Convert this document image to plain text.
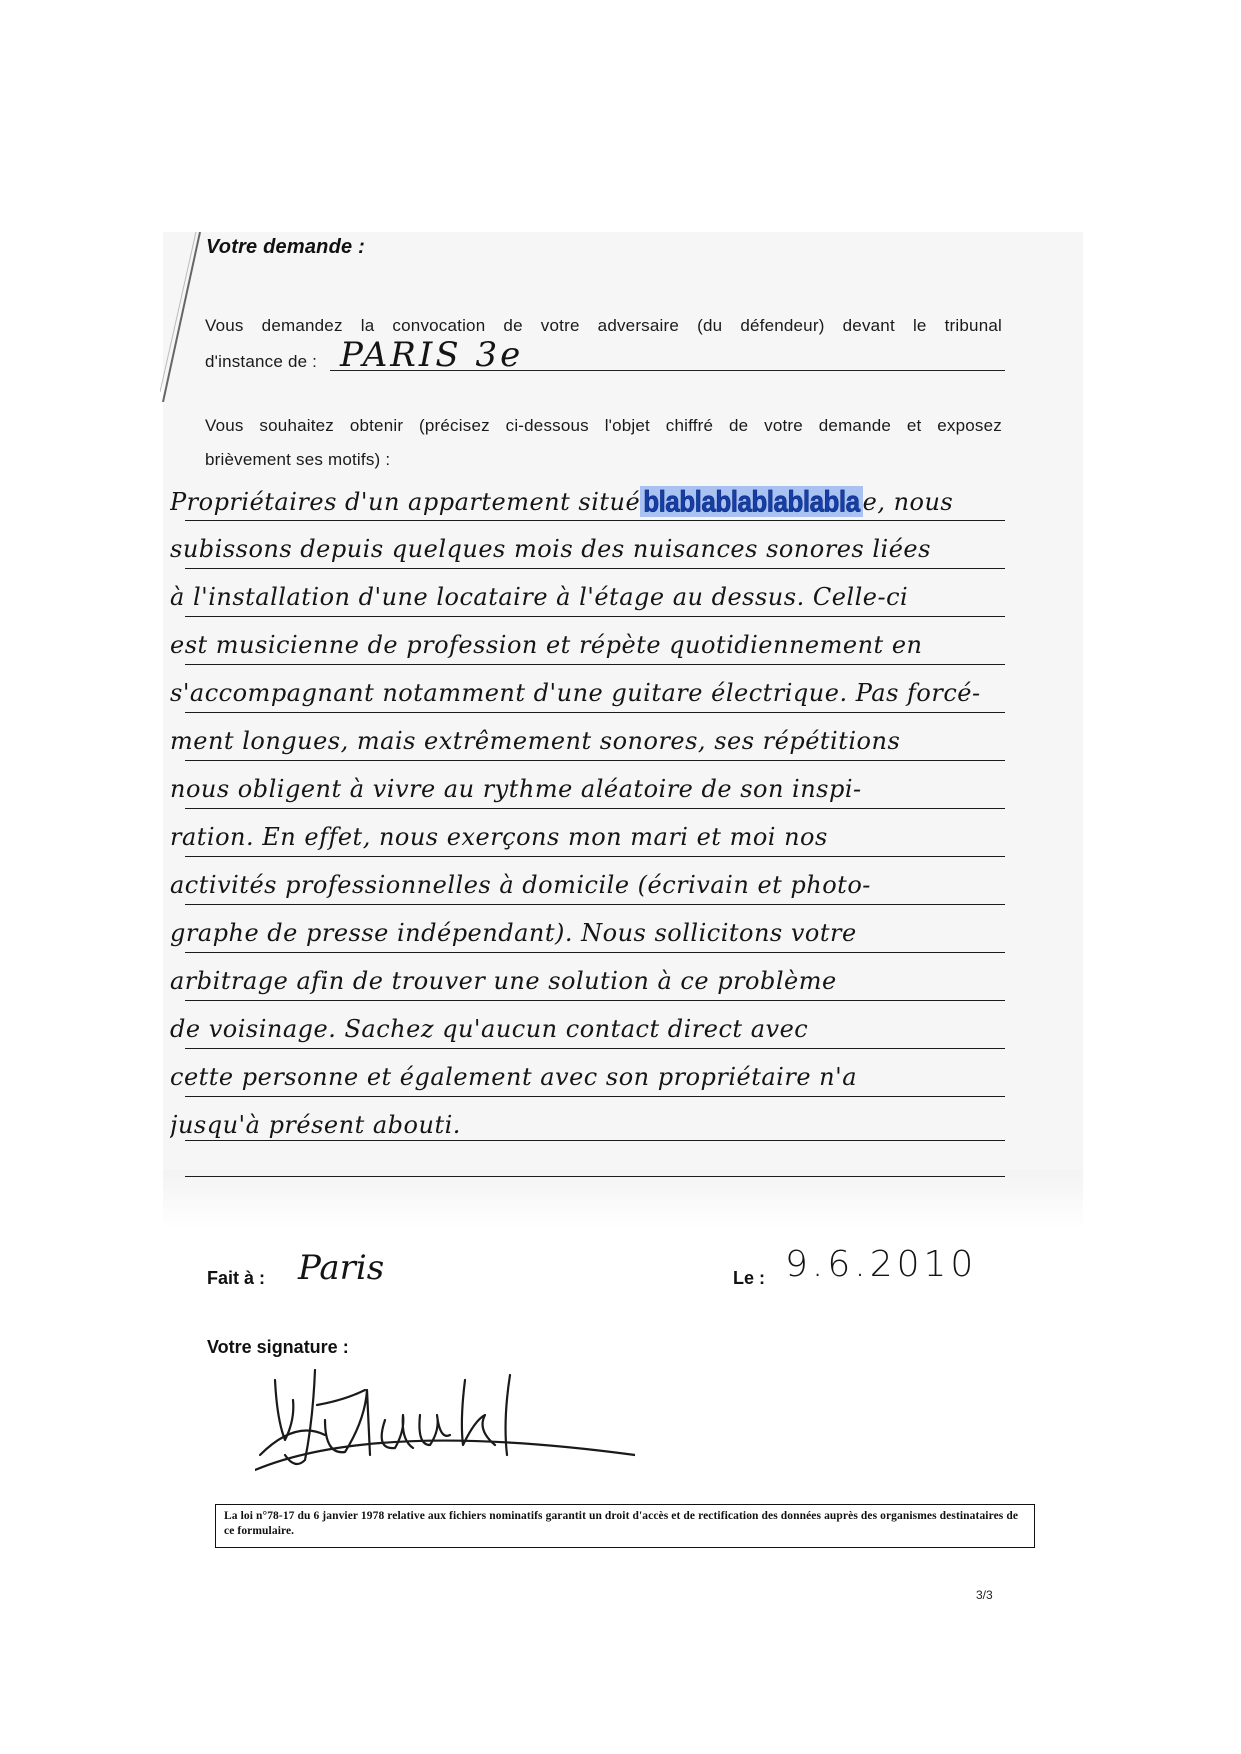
Votre demande :
Vous demandez la convocation de votre adversaire (du défendeur) devant le tribunal
d'instance de : PARIS 3e
Vous souhaitez obtenir (précisez ci-dessous l'objet chiffré de votre demande et exposez
brièvement ses motifs) :
Propriétaires d'un appartement situé blablablablablabla e, nous
subissons depuis quelques mois des nuisances sonores liées
à l'installation d'une locataire à l'étage au dessus. Celle-ci
est musicienne de profession et répète quotidiennement en
s'accompagnant notamment d'une guitare électrique. Pas forcé-
ment longues, mais extrêmement sonores, ses répétitions
nous obligent à vivre au rythme aléatoire de son inspi-
ration. En effet, nous exerçons mon mari et moi nos
activités professionnelles à domicile (écrivain et photo-
graphe de presse indépendant). Nous sollicitons votre
arbitrage afin de trouver une solution à ce problème
de voisinage. Sachez qu'aucun contact direct avec
cette personne et également avec son propriétaire n'a
jusqu'à présent abouti.
Fait à : Paris	Le : 9.6.2010
Votre signature :
La loi n°78-17 du 6 janvier 1978 relative aux fichiers nominatifs garantit un droit d'accès et de rectification des données auprès des organismes destinataires de ce formulaire.
3/3
